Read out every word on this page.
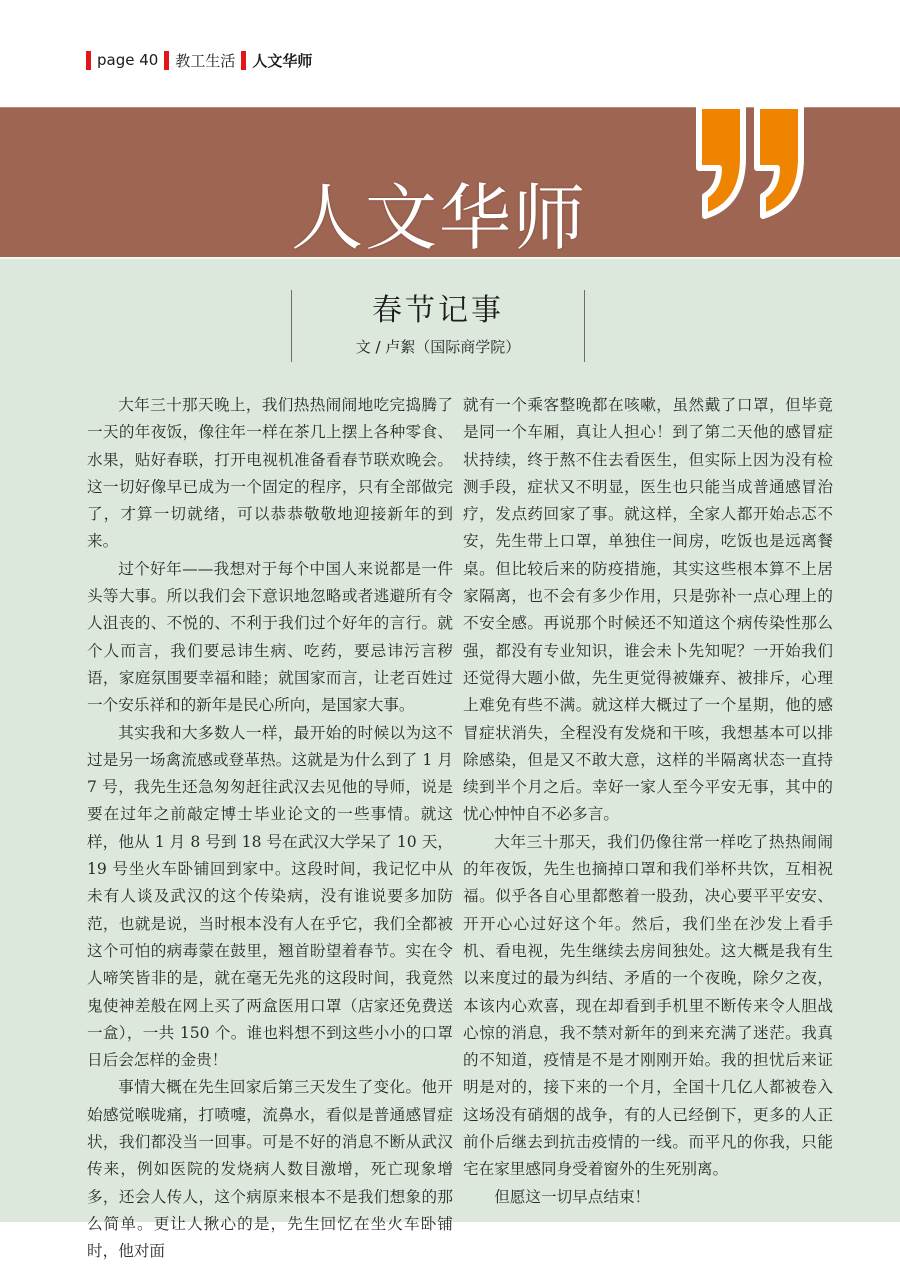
page 40 教工生活 人文华师
人文华师
春节记事
文 / 卢絮（国际商学院）

大年三十那天晚上，我们热热闹闹地吃完捣腾了一天的年夜饭，像往年一样在茶几上摆上各种零食、水果，贴好春联，打开电视机准备看春节联欢晚会。这一切好像早已成为一个固定的程序，只有全部做完了，才算一切就绪，可以恭恭敬敬地迎接新年的到来。

过个好年——我想对于每个中国人来说都是一件头等大事。所以我们会下意识地忽略或者逃避所有令人沮丧的、不悦的、不利于我们过个好年的言行。就个人而言，我们要忌讳生病、吃药，要忌讳污言秽语，家庭氛围要幸福和睦；就国家而言，让老百姓过一个安乐祥和的新年是民心所向，是国家大事。

其实我和大多数人一样，最开始的时候以为这不过是另一场禽流感或登革热。这就是为什么到了 1 月 7 号，我先生还急匆匆赶往武汉去见他的导师，说是要在过年之前敲定博士毕业论文的一些事情。就这样，他从 1 月 8 号到 18 号在武汉大学呆了 10 天，19 号坐火车卧铺回到家中。这段时间，我记忆中从未有人谈及武汉的这个传染病，没有谁说要多加防范，也就是说，当时根本没有人在乎它，我们全都被这个可怕的病毒蒙在鼓里，翘首盼望着春节。实在令人啼笑皆非的是，就在毫无先兆的这段时间，我竟然鬼使神差般在网上买了两盒医用口罩（店家还免费送一盒），一共 150 个。谁也料想不到这些小小的口罩日后会怎样的金贵！

事情大概在先生回家后第三天发生了变化。他开始感觉喉咙痛，打喷嚏，流鼻水，看似是普通感冒症状，我们都没当一回事。可是不好的消息不断从武汉传来，例如医院的发烧病人数目激增，死亡现象增多，还会人传人，这个病原来根本不是我们想象的那么简单。更让人揪心的是，先生回忆在坐火车卧铺时，他对面

就有一个乘客整晚都在咳嗽，虽然戴了口罩，但毕竟是同一个车厢，真让人担心！到了第二天他的感冒症状持续，终于熬不住去看医生，但实际上因为没有检测手段，症状又不明显，医生也只能当成普通感冒治疗，发点药回家了事。就这样，全家人都开始忐忑不安，先生带上口罩，单独住一间房，吃饭也是远离餐桌。但比较后来的防疫措施，其实这些根本算不上居家隔离，也不会有多少作用，只是弥补一点心理上的不安全感。再说那个时候还不知道这个病传染性那么强，都没有专业知识，谁会未卜先知呢？一开始我们还觉得大题小做，先生更觉得被嫌弃、被排斥，心理上难免有些不满。就这样大概过了一个星期，他的感冒症状消失，全程没有发烧和干咳，我想基本可以排除感染，但是又不敢大意，这样的半隔离状态一直持续到半个月之后。幸好一家人至今平安无事，其中的忧心忡忡自不必多言。

大年三十那天，我们仍像往常一样吃了热热闹闹的年夜饭，先生也摘掉口罩和我们举杯共饮，互相祝福。似乎各自心里都憋着一股劲，决心要平平安安、开开心心过好这个年。然后，我们坐在沙发上看手机、看电视，先生继续去房间独处。这大概是我有生以来度过的最为纠结、矛盾的一个夜晚，除夕之夜，本该内心欢喜，现在却看到手机里不断传来令人胆战心惊的消息，我不禁对新年的到来充满了迷茫。我真的不知道，疫情是不是才刚刚开始。我的担忧后来证明是对的，接下来的一个月，全国十几亿人都被卷入这场没有硝烟的战争，有的人已经倒下，更多的人正前仆后继去到抗击疫情的一线。而平凡的你我，只能宅在家里感同身受着窗外的生死别离。

但愿这一切早点结束！
